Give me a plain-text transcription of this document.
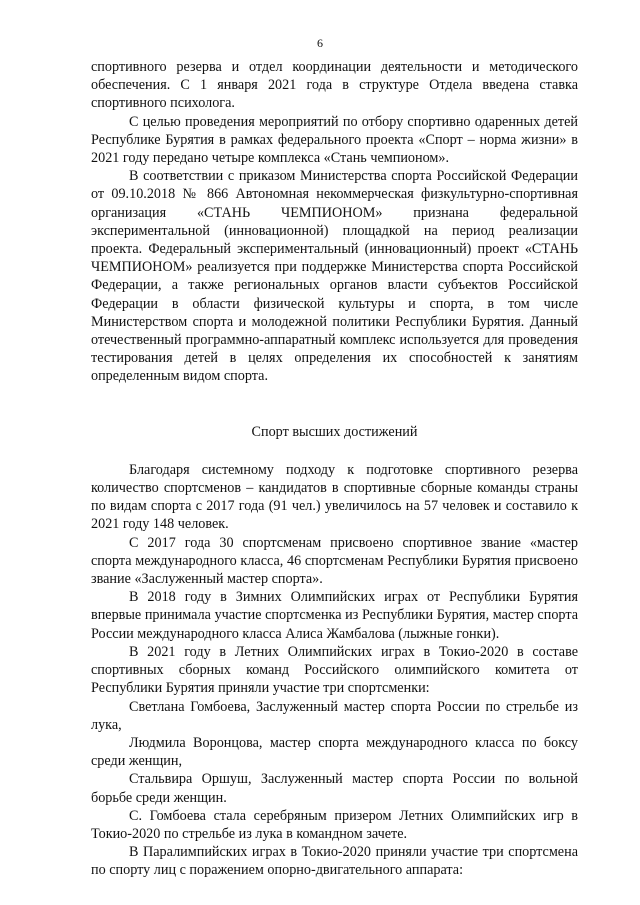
6

спортивного резерва и отдел координации деятельности и методического обеспечения. С 1 января 2021 года в структуре Отдела введена ставка спортивного психолога.

С целью проведения мероприятий по отбору спортивно одаренных детей Республике Бурятия в рамках федерального проекта «Спорт – норма жизни» в 2021 году передано четыре комплекса «Стань чемпионом».

В соответствии с приказом Министерства спорта Российской Федерации от 09.10.2018 № 866 Автономная некоммерческая физкультурно-спортивная организация «СТАНЬ ЧЕМПИОНОМ» признана федеральной экспериментальной (инновационной) площадкой на период реализации проекта. Федеральный экспериментальный (инновационный) проект «СТАНЬ ЧЕМПИОНОМ» реализуется при поддержке Министерства спорта Российской Федерации, а также региональных органов власти субъектов Российской Федерации в области физической культуры и спорта, в том числе Министерством спорта и молодежной политики Республики Бурятия. Данный отечественный программно-аппаратный комплекс используется для проведения тестирования детей в целях определения их способностей к занятиям определенным видом спорта.

Спорт высших достижений

Благодаря системному подходу к подготовке спортивного резерва количество спортсменов – кандидатов в спортивные сборные команды страны по видам спорта с 2017 года (91 чел.) увеличилось на 57 человек и составило к 2021 году 148 человек.

С 2017 года 30 спортсменам присвоено спортивное звание «мастер спорта международного класса, 46 спортсменам Республики Бурятия присвоено звание «Заслуженный мастер спорта».

В 2018 году в Зимних Олимпийских играх от Республики Бурятия впервые принимала участие спортсменка из Республики Бурятия, мастер спорта России международного класса Алиса Жамбалова (лыжные гонки).

В 2021 году в Летних Олимпийских играх в Токио-2020 в составе спортивных сборных команд Российского олимпийского комитета от Республики Бурятия приняли участие три спортсменки:

Светлана Гомбоева, Заслуженный мастер спорта России по стрельбе из лука,

Людмила Воронцова, мастер спорта международного класса по боксу среди женщин,

Стальвира Оршуш, Заслуженный мастер спорта России по вольной борьбе среди женщин.

С. Гомбоева стала серебряным призером Летних Олимпийских игр в Токио-2020 по стрельбе из лука в командном зачете.

В Паралимпийских играх в Токио-2020 приняли участие три спортсмена по спорту лиц с поражением опорно-двигательного аппарата:
